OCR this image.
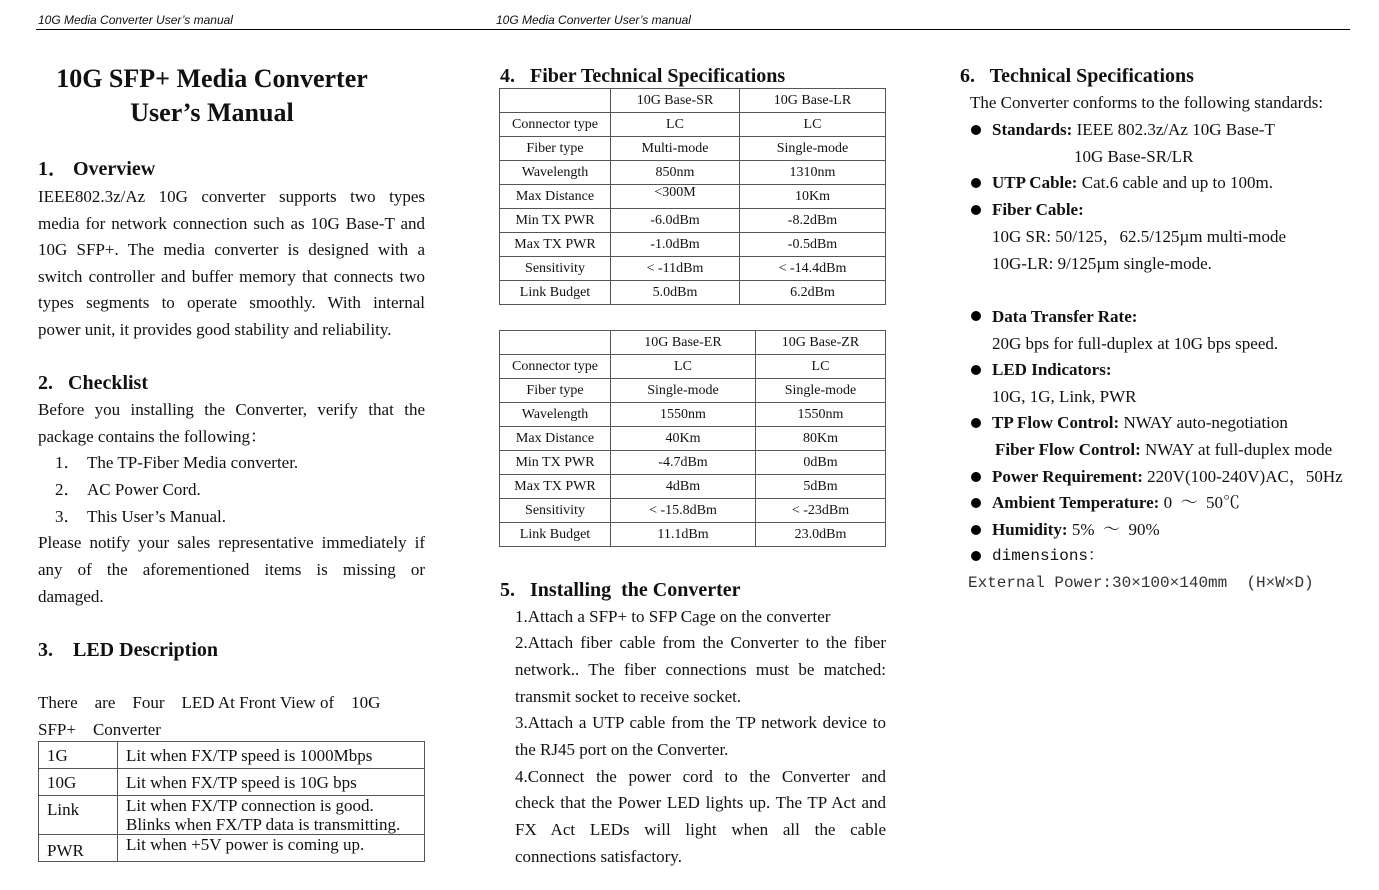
10G Media Converter User’s manual	10G Media Converter User’s manual
10G SFP+ Media Converter
User’s Manual
1． Overview
IEEE802.3z/Az 10G converter supports two types
media for network connection such as 10G Base-T and
10G SFP+. The media converter is designed with a
switch controller and buffer memory that connects two
types segments to operate smoothly. With internal
power unit, it provides good stability and reliability.
2.   Checklist
Before you installing the Converter, verify that the
package contains the following：
1． The TP-Fiber Media converter.
2． AC Power Cord.
3． This User’s Manual.
Please notify your sales representative immediately if
any of the aforementioned items is missing or
damaged.
3.    LED Description
There    are    Four    LED At Front View of    10G
SFP+    Converter
1G	Lit when FX/TP speed is 1000Mbps
10G	Lit when FX/TP speed is 10G bps
Link	Lit when FX/TP connection is good.
Blinks when FX/TP data is transmitting.

PWR	Lit when +5V power is coming up.
4.   Fiber Technical Specifications
	10G Base-SR	10G Base-LR
Connector type	LC	LC
Fiber type	Multi-mode	Single-mode
Wavelength	850nm	1310nm
Max Distance	<300M	10Km
Min TX PWR	-6.0dBm	-8.2dBm
Max TX PWR	-1.0dBm	-0.5dBm
Sensitivity	< -11dBm	< -14.4dBm
Link Budget	5.0dBm	6.2dBm
	10G Base-ER	10G Base-ZR
Connector type	LC	LC
Fiber type	Single-mode	Single-mode
Wavelength	1550nm	1550nm
Max Distance	40Km	80Km
Min TX PWR	-4.7dBm	0dBm
Max TX PWR	4dBm	5dBm
Sensitivity	< -15.8dBm	< -23dBm
Link Budget	11.1dBm	23.0dBm
5.   Installing  the Converter
1.Attach a SFP+ to SFP Cage on the converter
2.Attach fiber cable from the Converter to the fiber
network.. The fiber connections must be matched:
transmit socket to receive socket.
3.Attach a UTP cable from the TP network device to
the RJ45 port on the Converter.
4.Connect the power cord to the Converter and
check that the Power LED lights up. The TP Act and
FX Act LEDs will light when all the cable
connections satisfactory.
6.   Technical Specifications
The Converter conforms to the following standards:
Standards: IEEE 802.3z/Az 10G Base-T
10G Base-SR/LR
UTP Cable: Cat.6 cable and up to 100m.
Fiber Cable:
10G SR: 50/125，62.5/125µm multi-mode
10G-LR: 9/125µm single-mode.
Data Transfer Rate:
20G bps for full-duplex at 10G bps speed.
LED Indicators:
10G, 1G, Link, PWR
TP Flow Control: NWAY auto-negotiation
Fiber Flow Control: NWAY at full-duplex mode
Power Requirement: 220V(100-240V)AC，50Hz
Ambient Temperature: 0  ～  50℃
Humidity: 5%  ～  90%
dimensions：
External Power:30×100×140mm  (H×W×D)
